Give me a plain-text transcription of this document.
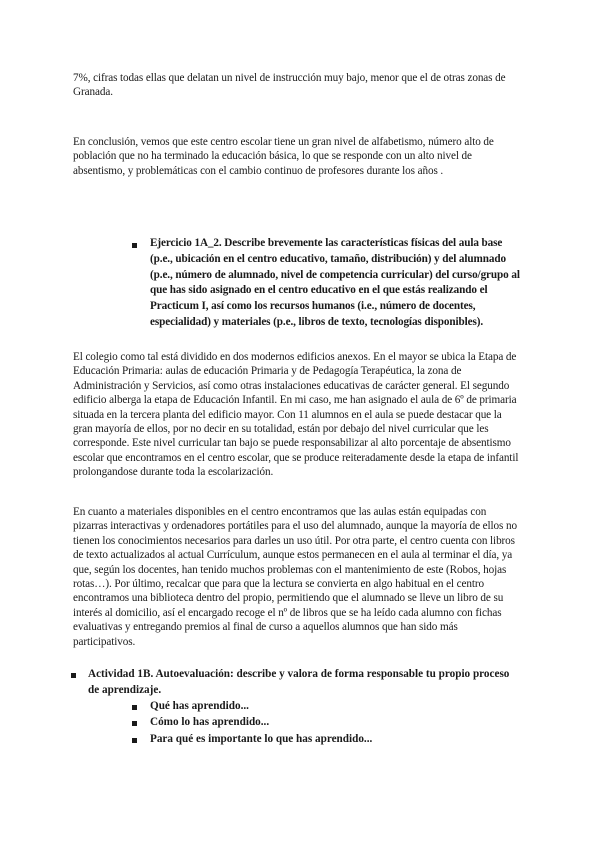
7%, cifras todas ellas que delatan un nivel de instrucción muy bajo, menor que el de otras zonas de Granada.

En conclusión, vemos que este centro escolar tiene un gran nivel de alfabetismo, número alto de población que no ha terminado la educación básica, lo que se responde con un alto nivel de absentismo, y problemáticas con el cambio continuo de profesores durante los años .

Ejercicio 1A_2. Describe brevemente las características físicas del aula base (p.e., ubicación en el centro educativo, tamaño, distribución) y del alumnado (p.e., número de alumnado, nivel de competencia curricular) del curso/grupo al que has sido asignado en el centro educativo en el que estás realizando el Practicum I, así como los recursos humanos (i.e., número de docentes, especialidad) y materiales (p.e., libros de texto, tecnologías disponibles).

El colegio como tal está dividido en dos modernos edificios anexos. En el mayor se ubica la Etapa de Educación Primaria: aulas de educación Primaria y de Pedagogía Terapéutica, la zona de Administración y Servicios, así como otras instalaciones educativas de carácter general. El segundo edificio alberga la etapa de Educación Infantil. En mi caso, me han asignado el aula de 6º de primaria situada en la tercera planta del edificio mayor. Con 11 alumnos en el aula se puede destacar que la gran mayoría de ellos, por no decir en su totalidad, están por debajo del nivel curricular que les corresponde. Este nivel curricular tan bajo se puede responsabilizar al alto porcentaje de absentismo escolar que encontramos en el centro escolar, que se produce reiteradamente desde la etapa de infantil prolongandose durante toda la escolarización.

En cuanto a materiales disponibles en el centro encontramos que las aulas están equipadas con pizarras interactivas y ordenadores portátiles para el uso del alumnado, aunque la mayoría de ellos no tienen los conocimientos necesarios para darles un uso útil. Por otra parte, el centro cuenta con libros de texto actualizados al actual Currículum, aunque estos permanecen en el aula al terminar el día, ya que, según los docentes, han tenido muchos problemas con el mantenimiento de este (Robos, hojas rotas…). Por último, recalcar que para que la lectura se convierta en algo habitual en el centro encontramos una biblioteca dentro del propio, permitiendo que el alumnado se lleve un libro de su interés al domicilio, así el encargado recoge el nº de libros que se ha leído cada alumno con fichas evaluativas y entregando premios al final de curso a aquellos alumnos que han sido más participativos.

Actividad 1B. Autoevaluación: describe y valora de forma responsable tu propio proceso de aprendizaje.
Qué has aprendido...
Cómo lo has aprendido...
Para qué es importante lo que has aprendido...
